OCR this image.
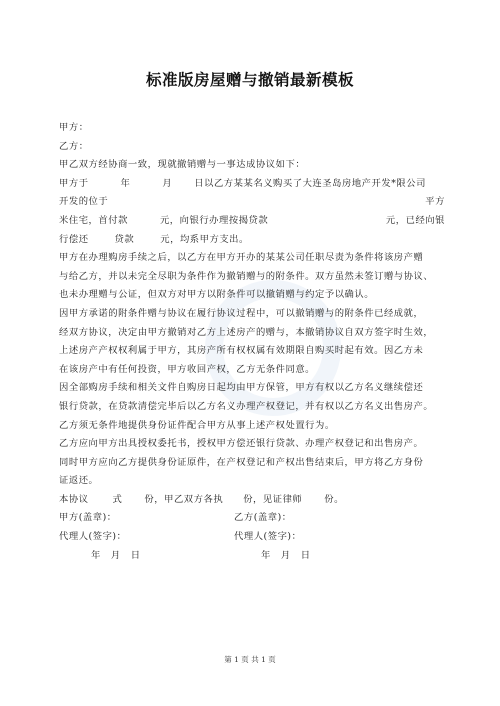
标准版房屋赠与撤销最新模板
甲方：
乙方：
甲乙双方经协商一致，现就撤销赠与一事达成协议如下：
甲方于	年	月 日以乙方某某名义购买了大连圣岛房地产开发*限公司
开发的位于	平方
米住宅，首付款	元，向银行办理按揭贷款	元，已经向银
行偿还	贷款	元，均系甲方支出。
甲方在办理购房手续之后，以乙方在甲方开办的某某公司任职尽责为条件将该房产赠
与给乙方，并以未完全尽职为条件作为撤销赠与的附条件。双方虽然未签订赠与协议、
也未办理赠与公证，但双方对甲方以附条件可以撤销赠与约定予以确认。
因甲方承诺的附条件赠与协议在履行协议过程中，可以撤销赠与的附条件已经成就，
经双方协议，决定由甲方撤销对乙方上述房产的赠与，本撤销协议自双方签字时生效，
上述房产产权权利属于甲方，其房产所有权权属有效期限自购买时起有效。因乙方未
在该房产中有任何投资，甲方收回产权，乙方无条件同意。
因全部购房手续和相关文件自购房日起均由甲方保管，甲方有权以乙方名义继续偿还
银行贷款，在贷款清偿完毕后以乙方名义办理产权登记，并有权以乙方名义出售房产。
乙方须无条件地提供身份证件配合甲方从事上述产权处置行为。
乙方应向甲方出具授权委托书，授权甲方偿还银行贷款、办理产权登记和出售房产。
同时甲方应向乙方提供身份证原件，在产权登记和产权出售结束后，甲方将乙方身份
证返还。
本协议	式 份，甲乙双方各执 份，见证律师 份。
甲方(盖章)：	乙方(盖章)：
代理人(签字)：	代理人(签字)：
年 月 日	年 月 日
第 1 页 共 1 页
